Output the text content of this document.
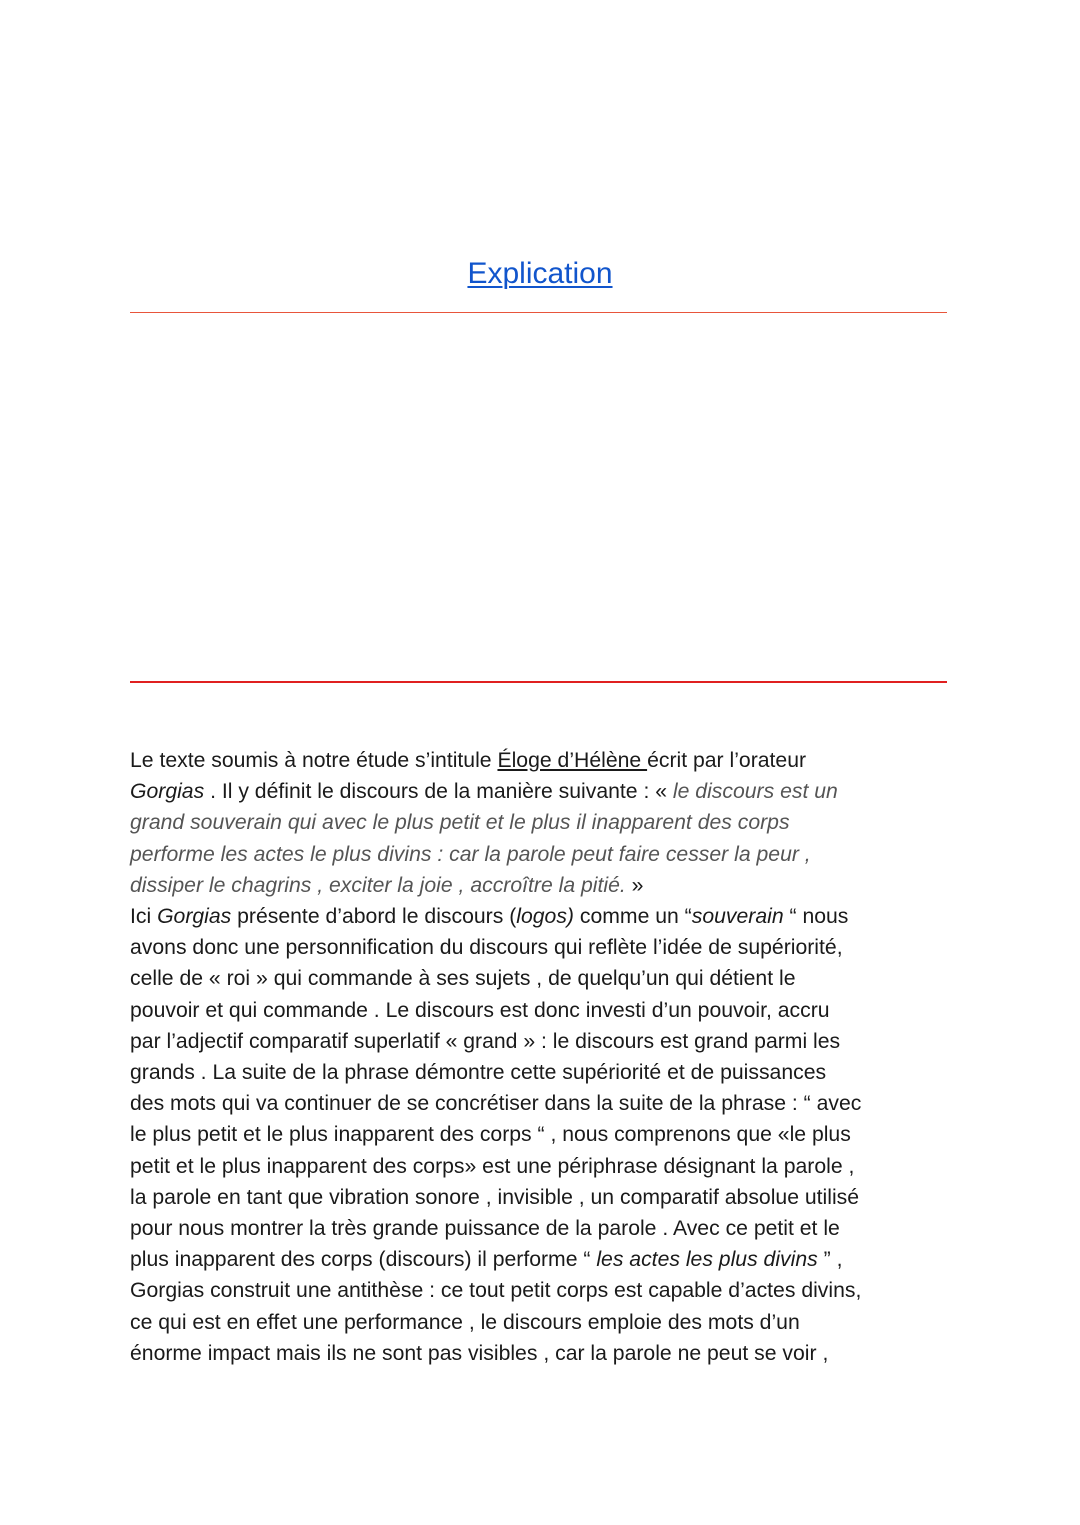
Explication
Le texte soumis à notre étude s’intitule Éloge d’Hélène écrit par l’orateur
Gorgias . Il y définit le discours de la manière suivante : « le discours est un
grand souverain qui avec le plus petit et le plus il inapparent des corps
performe les actes le plus divins : car la parole peut faire cesser la peur ,
dissiper le chagrins , exciter la joie , accroître la pitié. »
Ici Gorgias présente d’abord le discours (logos) comme un “souverain “ nous
avons donc une personnification du discours qui reflète l’idée de supériorité,
celle de « roi » qui commande à ses sujets , de quelqu’un qui détient le
pouvoir et qui commande . Le discours est donc investi d’un pouvoir, accru
par l’adjectif comparatif superlatif « grand » : le discours est grand parmi les
grands . La suite de la phrase démontre cette supériorité et de puissances
des mots qui va continuer de se concrétiser dans la suite de la phrase : “ avec
le plus petit et le plus inapparent des corps “ , nous comprenons que «le plus
petit et le plus inapparent des corps» est une périphrase désignant la parole ,
la parole en tant que vibration sonore , invisible , un comparatif absolue utilisé
pour nous montrer la très grande puissance de la parole . Avec ce petit et le
plus inapparent des corps (discours) il performe “ les actes les plus divins ” ,
Gorgias construit une antithèse : ce tout petit corps est capable d’actes divins,
ce qui est en effet une performance , le discours emploie des mots d’un
énorme impact mais ils ne sont pas visibles , car la parole ne peut se voir ,
